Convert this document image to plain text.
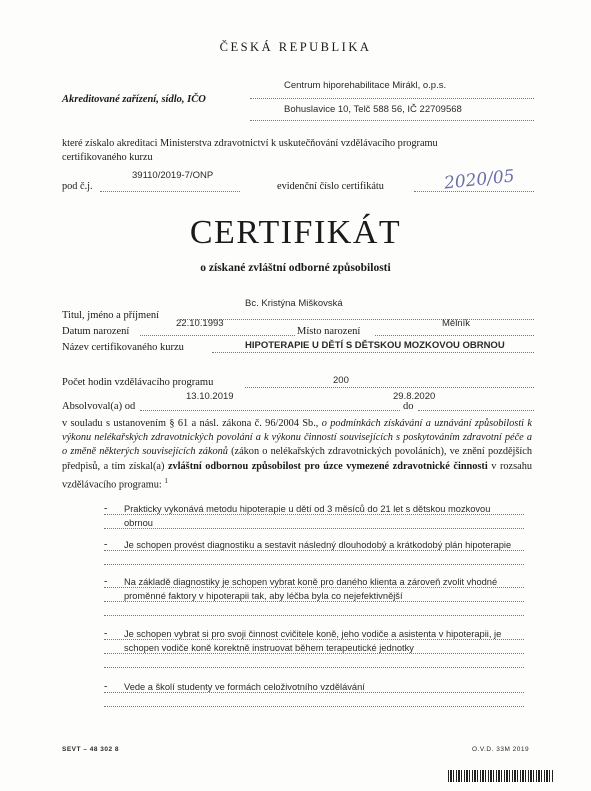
ČESKÁ REPUBLIKA
Akreditované zařízení, sídlo, IČO
Centrum hiporehabilitace Mirákl, o.p.s.
Bohuslavice 10, Telč 588 56, IČ 22709568
které získalo akreditaci Ministerstva zdravotnictví k uskutečňování vzdělávacího programu
certifikovaného kurzu
pod č.j.
39110/2019-7/ONP
evidenční číslo certifikátu	2020/05
CERTIFIKÁT
o získané zvláštní odborné způsobilosti
Titul, jméno a příjmení
Bc. Kristýna Miškovská
Datum narození
22.10.1993
Místo narození
Mělník
Název certifikovaného kurzu	HIPOTERAPIE U DĚTÍ S DĚTSKOU MOZKOVOU OBRNOU
Počet hodin vzdělávacího programu	200
Absolvoval(a) od
13.10.2019
do
29.8.2020
v souladu s ustanovením § 61 a násl. zákona č. 96/2004 Sb., o podmínkách získávání a uznávání způsobilosti k výkonu nelékařských zdravotnických povolání a k výkonu činností souvisejících s poskytováním zdravotní péče a o změně některých souvisejících zákonů (zákon o nelékařských zdravotnických povoláních), ve znění pozdějších předpisů, a tím získal(a) zvláštní odbornou způsobilost pro úzce vymezené zdravotnické činnosti v rozsahu vzdělávacího programu: $^1$
- Prakticky vykonává metodu hipoterapie u dětí od 3 měsíců do 21 let s dětskou mozkovou obrnou
- Je schopen provést diagnostiku a sestavit následný dlouhodobý a krátkodobý plán hipoterapie
- Na základě diagnostiky je schopen vybrat koně pro daného klienta a zároveň zvolit vhodné proměnné faktory v hipoterapii tak, aby léčba byla co nejefektivnější
- Je schopen vybrat si pro svoji činnost cvičitele koně, jeho vodiče a asistenta v hipoterapii, je schopen vodiče koně korektně instruovat během terapeutické jednotky
- Vede a školí studenty ve formách celoživotního vzdělávání
SEVT – 48 302 8	O.V.D. 33M 2019
